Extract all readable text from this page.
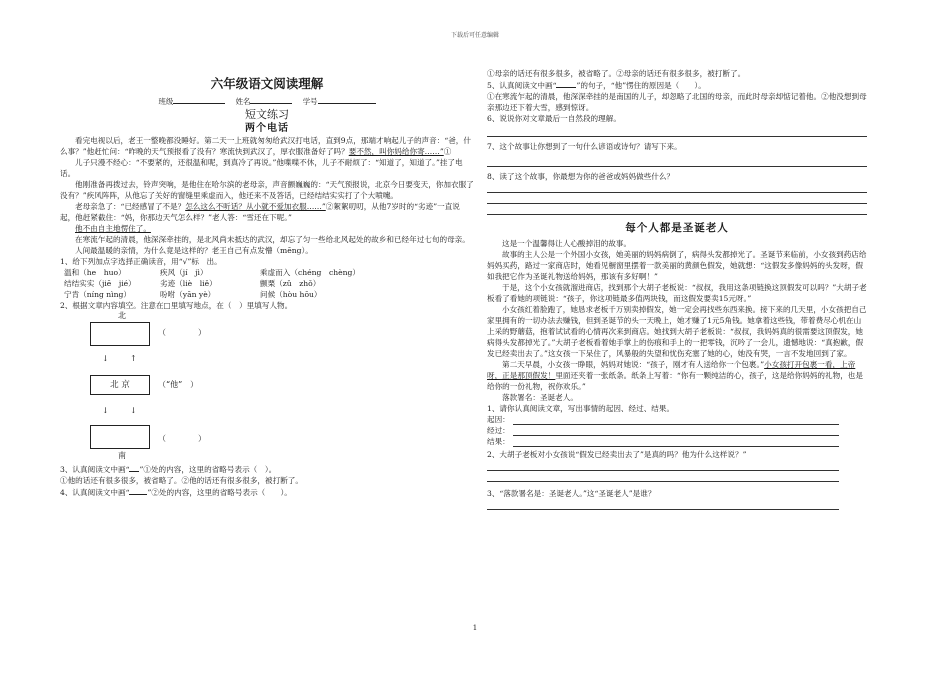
下载后可任意编辑
六年级语文阅读理解
班级	姓名	学号
短文练习
两个电话

看完电视以后，老王一整晚都没睡好。第二天一上班就匆匆给武汉打电话，直到9点，那端才响起儿子的声音：“爸，什么事？”他赶忙问：“昨晚的天气预报看了没有？寒流快到武汉了，厚衣服准备好了吗？要不然，叫你妈给你寄……”①

儿子只漫不经心：“不要紧的，还很温和呢，到真冷了再说。”他喋喋不休，儿子不耐烦了：“知道了，知道了。”挂了电话。

他刚准备再拨过去，铃声突响，是他住在哈尔滨的老母亲，声音颤巍巍的：“天气预报说，北京今日要变天，你加衣服了没有？”疾风阵阵，从他忘了关好的窗缝里乘虚而入，他还来不及答话，已经结结实实打了个大喷嚏。

老母亲急了：“已经感冒了不是？怎么这么不听话？从小就不爱加衣服……”②絮絮叨叨，从他7岁时的“劣迹”一直说起，他赶紧截住：“妈，你那边天气怎么样？”老人答：“雪还在下呢。”

他不由自主地愣住了。

在寒流乍起的清晨，他深深牵挂的，是北风尚未抵达的武汉，却忘了匀一些给北风起处的故乡和已经年过七旬的母亲。

人间最温暖的亲情，为什么竟是这样的？老王自己有点发懵（mēng）。

1、给下列加点字选择正确读音，用“√”标　出。

温和（he　huo）	疾风（jí　jì）	乘虚而入（chéng　chèng）
结结实实（jiē　jié）	劣迹（liè　liě）	颤栗（zǔ　zhǒ）
宁肯（níng nìng）	吩咐（yān yè）	问候（hòu hōu）

2、根据文章内容填空。注意在□里填写地点，在（　）里填写人物。

北
（　　　　）
↓	↑
北 京	（“他”　）
↓	↓
（　　　　）
南

3、认真阅读文中画“ ”①处的内容，这里的省略号表示（　）。

①他的话还有很多很多，被省略了。②他的话还有很多很多，被打断了。

4、认真阅读文中画“ ”②处的内容，这里的省略号表示（　　）。

①母亲的话还有很多很多，被省略了。②母亲的话还有很多很多，被打断了。

5、认真阅读文中画“	”的句子，“他”愣住的原因是（　　）。

①在寒流乍起的清晨，他深深牵挂的是南国的儿子，却忽略了北国的母亲，而此时母亲却惦记着他。②他没想到母亲那边还下着大雪，感到惊讶。

6、说说你对文章最后一自然段的理解。

7、这个故事让你想到了一句什么谚语或诗句？请写下来。

8、读了这个故事，你最想为你的爸爸或妈妈做些什么？

每个人都是圣诞老人

这是一个温馨得让人心酸掉泪的故事。

故事的主人公是一个外国小女孩，她美丽的妈妈病倒了，病得头发都掉光了。圣诞节来临前，小女孩到药店给妈妈买药，路过一家商店时，她看见橱窗里摆着一款美丽的黄颜色假发，她就想：“这假发多像妈妈的头发呀，假如我把它作为圣诞礼物送给妈妈，那该有多好啊！”

于是，这个小女孩就溜进商店，找到那个大胡子老板说：“叔叔，我用这条项链换这顶假发可以吗？”大胡子老板看了看她的项链说：“孩子，你这项链最多值两块钱，而这假发要卖15元呀。”

小女孩红着脸跑了，她恳求老板千万别卖掉假发，她一定会再找些东西来换。接下来的几天里，小女孩把自己家里拥有的一切办法去赚钱，但到圣诞节的头一天晚上，她才赚了1元5角钱。她拿着这些钱，带着费尽心机在山上采的野蘑菇，抱着试试看的心情再次来到商店。她找到大胡子老板说：“叔叔，我妈妈真的很需要这顶假发，她病得头发都掉光了。”大胡子老板看着她手掌上的伤痕和手上的一把零钱，沉吟了一会儿，遗憾地说：“真抱歉，假发已经卖出去了。”这女孩一下呆住了，风暴般的失望和忧伤充塞了她的心，她没有哭，一言不发地回到了家。

第二天早晨，小女孩一睁眼，妈妈对她说：“孩子，刚才有人送给你一个包裹。”小女孩打开包裹一看，上帝呀，正是那顶假发！里面还夹着一张纸条。纸条上写着：“你有一颗纯洁的心，孩子，这是给你妈妈的礼物，也是给你的一份礼物，祝你欢乐。”

落款署名：圣诞老人。

1、请你认真阅读文章，写出事情的起因、经过、结果。

起因：
经过：
结果：

2、大胡子老板对小女孩说“假发已经卖出去了”是真的吗？他为什么这样说？”

3、“落款署名是：圣诞老人。”这“圣诞老人”是谁？

1
